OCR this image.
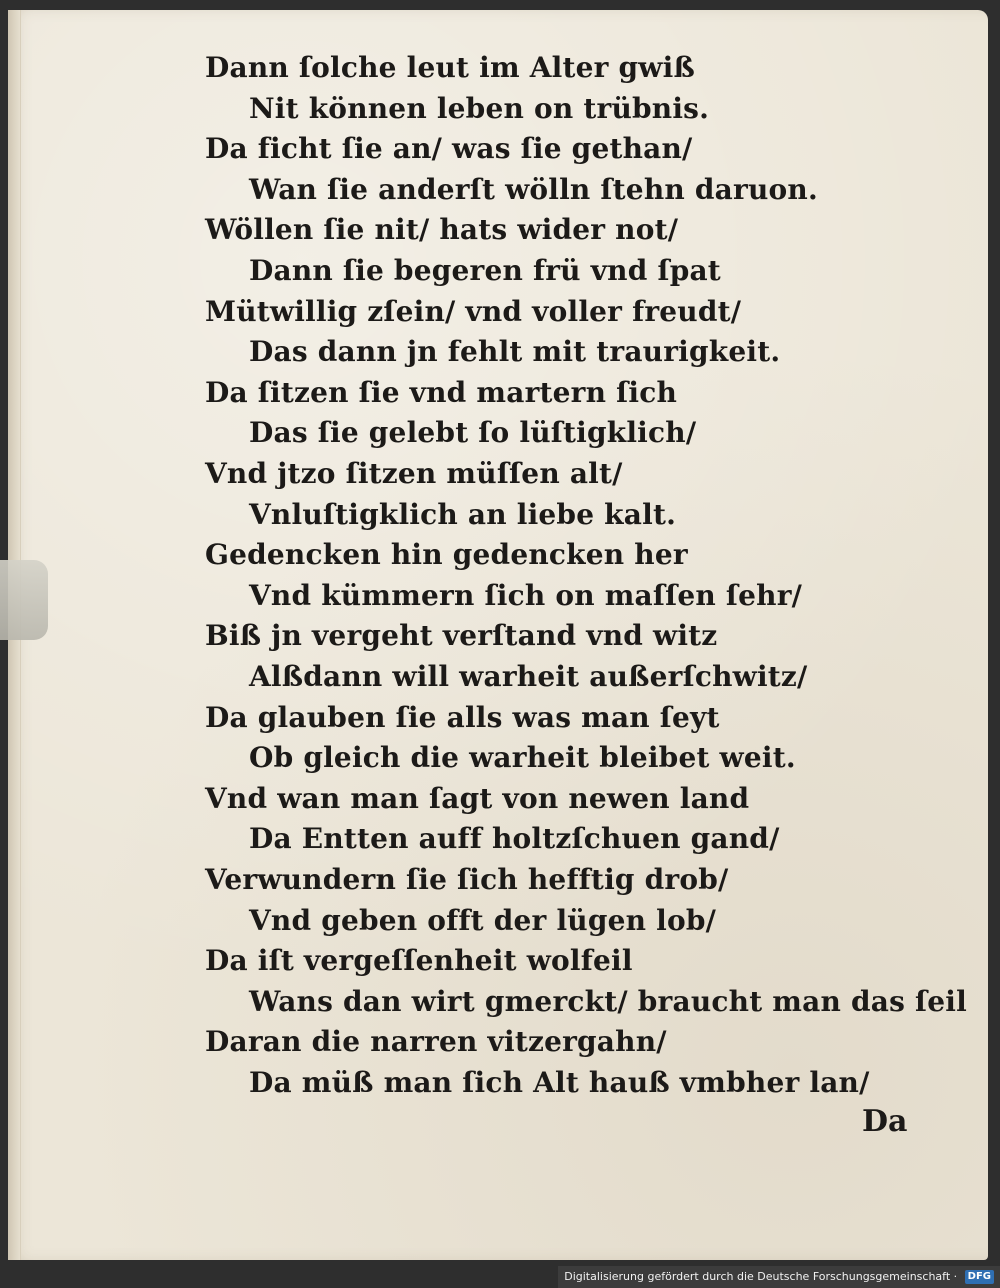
Dann ſolche leut im Alter gwiß
Nit können leben on trübnis.
Da ficht ſie an/ was ſie gethan/
Wan ſie anderſt wölln ſtehn daruon.
Wöllen ſie nit/ hats wider not/
Dann ſie begeren frü vnd ſpat
Mütwillig zſein/ vnd voller freudt/
Das dann jn fehlt mit traurigkeit.
Da ſitzen ſie vnd martern ſich
Das ſie gelebt ſo lüſtigklich/
Vnd jtzo ſitzen müſſen alt/
Vnluſtigklich an liebe kalt.
Gedencken hin gedencken her
Vnd kümmern ſich on maſſen ſehr/
Biß jn vergeht verſtand vnd witz
Alßdann will warheit außerſchwitz/
Da glauben ſie alls was man ſeyt
Ob gleich die warheit bleibet weit.
Vnd wan man ſagt von newen land
Da Entten auff holtzſchuen gand/
Verwundern ſie ſich hefftig drob/
Vnd geben offt der lügen lob/
Da iſt vergeſſenheit wolfeil
Wans dan wirt gmerckt/ braucht man das ſeil
Daran die narren vitzergahn/
Da müß man ſich Alt hauß vmbher lan/
Da
Digitalisierung gefördert durch die Deutsche Forschungsgemeinschaft · DFG
